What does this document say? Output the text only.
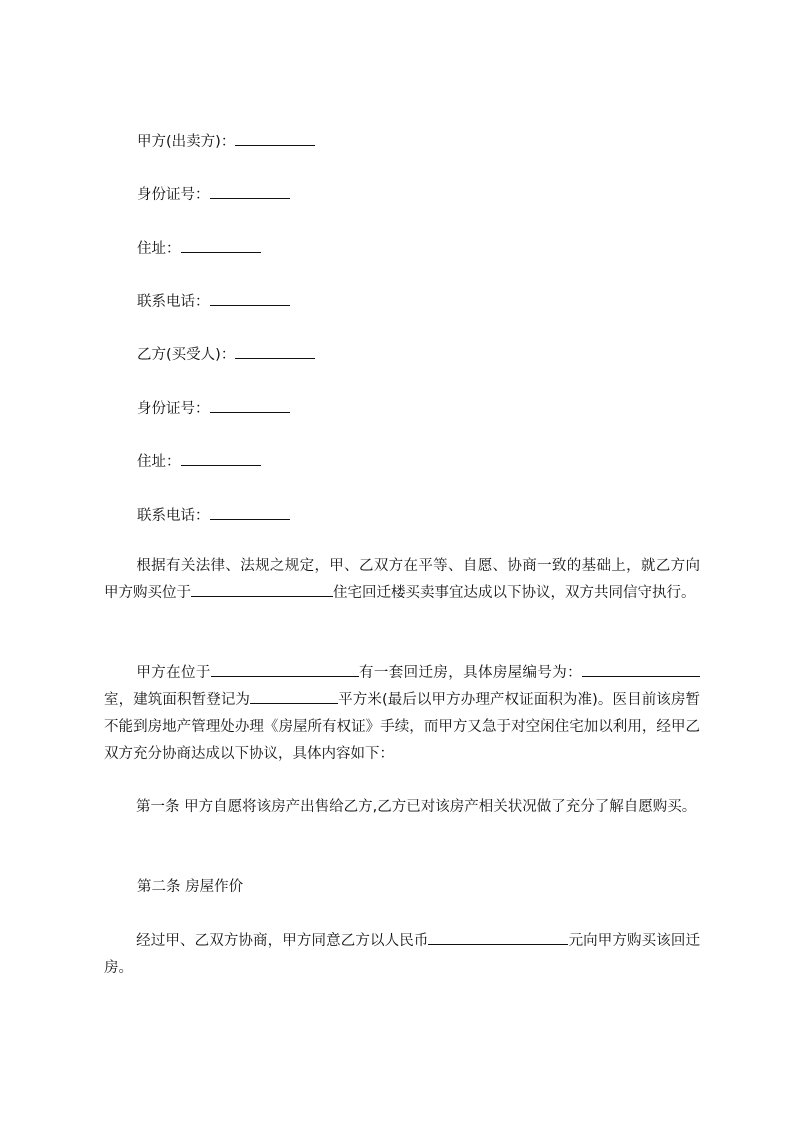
甲方(出卖方)：
身份证号：
住址：
联系电话：
乙方(买受人)：
身份证号：
住址：
联系电话：
根据有关法律、法规之规定，甲、乙双方在平等、自愿、协商一致的基础上，就乙方向甲方购买位于	住宅回迁楼买卖事宜达成以下协议，双方共同信守执行。
甲方在位于	有一套回迁房，具体房屋编号为：室，建筑面积暂登记为	平方米(最后以甲方办理产权证面积为准)。医目前该房暂不能到房地产管理处办理《房屋所有权证》手续，而甲方又急于对空闲住宅加以利用，经甲乙双方充分协商达成以下协议，具体内容如下：
第一条 甲方自愿将该房产出售给乙方,乙方已对该房产相关状况做了充分了解自愿购买。
第二条 房屋作价
经过甲、乙双方协商，甲方同意乙方以人民币	元向甲方购买该回迁房。
